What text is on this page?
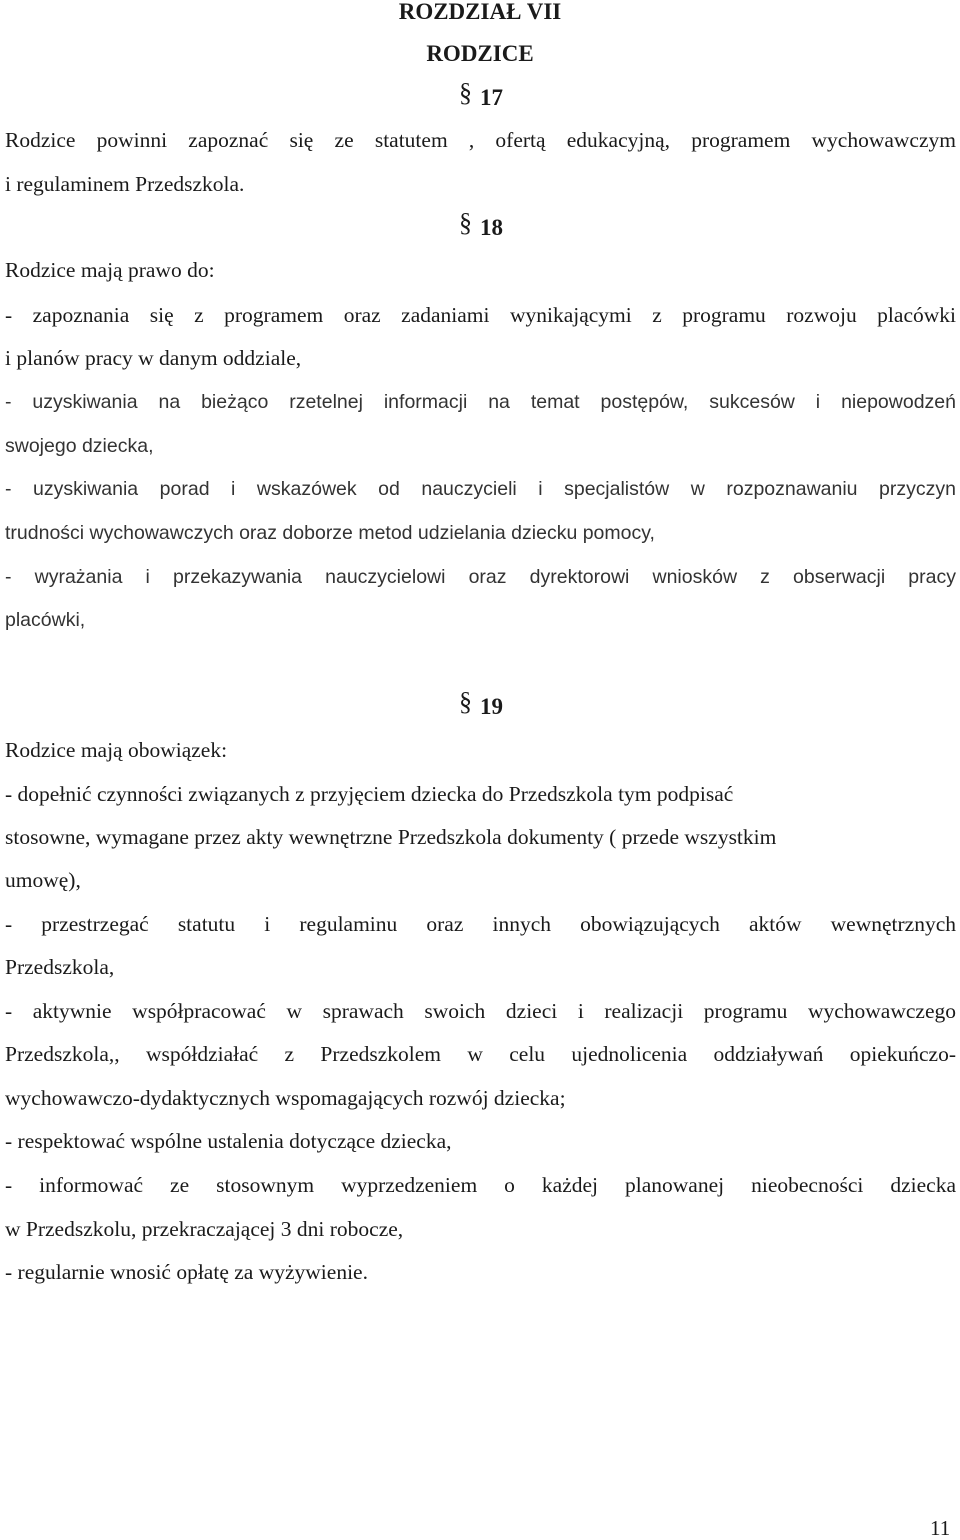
ROZDZIAŁ VII
RODZICE
§ 17

Rodzice powinni zapoznać się ze statutem , ofertą edukacyjną, programem wychowawczym

i regulaminem Przedszkola.

§ 18

Rodzice mają prawo do:

- zapoznania się z programem oraz zadaniami wynikającymi z programu rozwoju placówki

i planów pracy w danym oddziale,

- uzyskiwania na bieżąco rzetelnej informacji na temat postępów, sukcesów i niepowodzeń

swojego dziecka,

- uzyskiwania porad i wskazówek od nauczycieli i specjalistów w rozpoznawaniu przyczyn

trudności wychowawczych oraz doborze metod udzielania dziecku pomocy,

- wyrażania i przekazywania nauczycielowi oraz dyrektorowi wniosków z obserwacji pracy

placówki,

§ 19

Rodzice mają obowiązek:

- dopełnić czynności związanych z przyjęciem dziecka do Przedszkola tym podpisać

stosowne, wymagane przez akty wewnętrzne Przedszkola dokumenty ( przede wszystkim

umowę),

- przestrzegać statutu i regulaminu oraz innych obowiązujących aktów wewnętrznych

Przedszkola,

- aktywnie współpracować w sprawach swoich dzieci i realizacji programu wychowawczego

Przedszkola,, współdziałać z Przedszkolem w celu ujednolicenia oddziaływań opiekuńczo-

wychowawczo-dydaktycznych wspomagających rozwój dziecka;

- respektować wspólne ustalenia dotyczące dziecka,

- informować ze stosownym wyprzedzeniem o każdej planowanej nieobecności dziecka

w Przedszkolu, przekraczającej 3 dni robocze,

- regularnie wnosić opłatę za wyżywienie.

11
